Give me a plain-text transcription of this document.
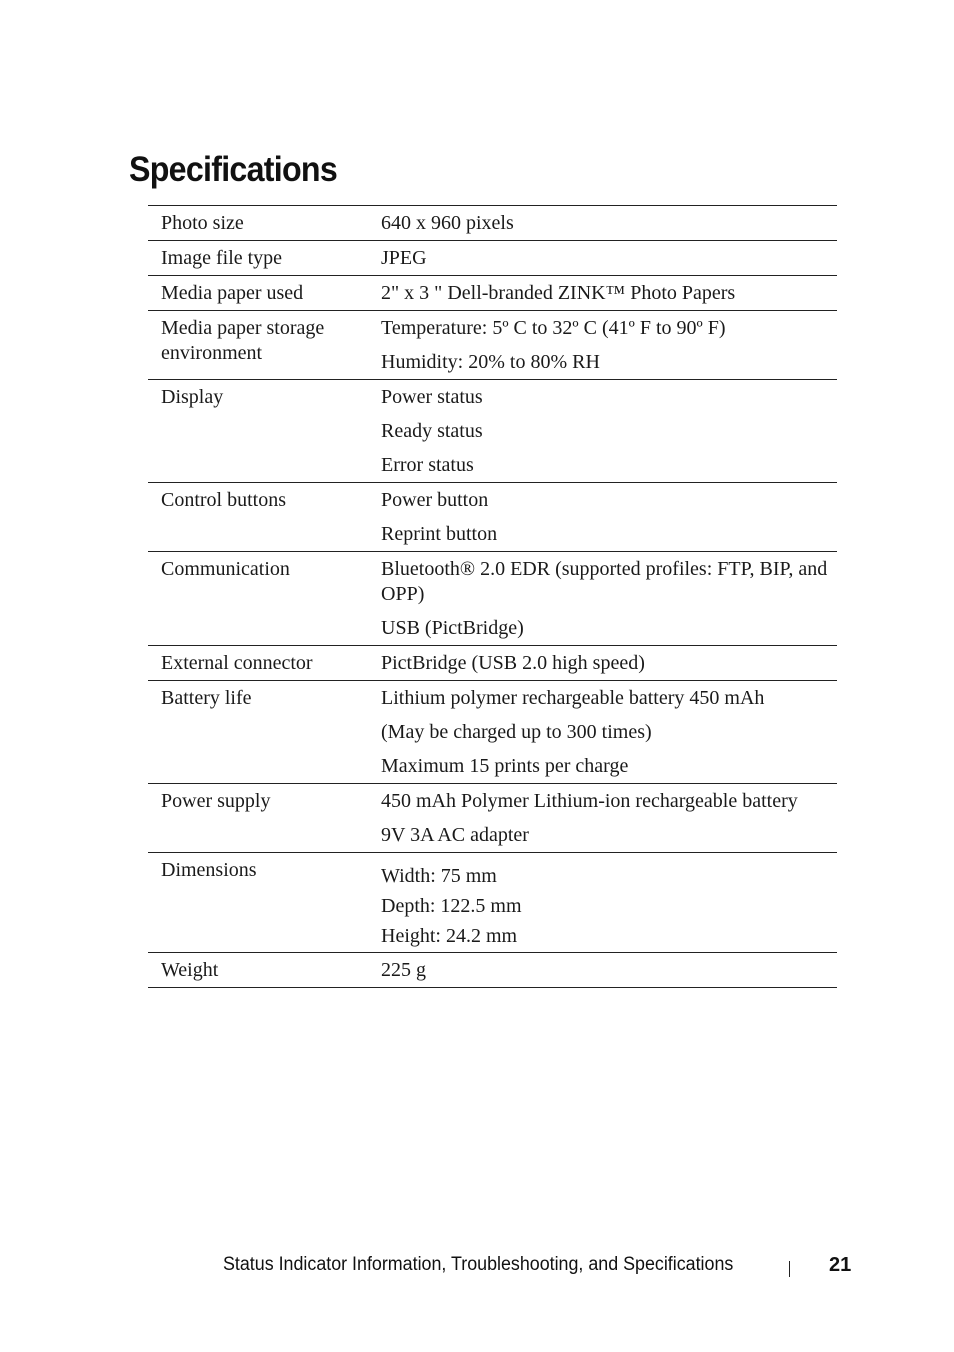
Specifications
Photo size	640 x 960 pixels

Image file type	JPEG

Media paper used	2" x 3 " Dell-branded ZINK™ Photo Papers

Media paper storage environment	Temperature: 5º C to 32º C (41º F to 90º F)
Humidity: 20% to 80% RH

Display	Power status
Ready status
Error status

Control buttons	Power button
Reprint button

Communication	Bluetooth® 2.0 EDR (supported profiles: FTP, BIP, and OPP)
USB (PictBridge)

External connector	PictBridge (USB 2.0 high speed)

Battery life	Lithium polymer rechargeable battery 450 mAh
(May be charged up to 300 times)
Maximum 15 prints per charge

Power supply	450 mAh Polymer Lithium-ion rechargeable battery
9V 3A AC adapter

Dimensions	Width: 75 mm
Depth: 122.5 mm
Height: 24.2 mm

Weight	225 g
Status Indicator Information, Troubleshooting, and Specifications	21
